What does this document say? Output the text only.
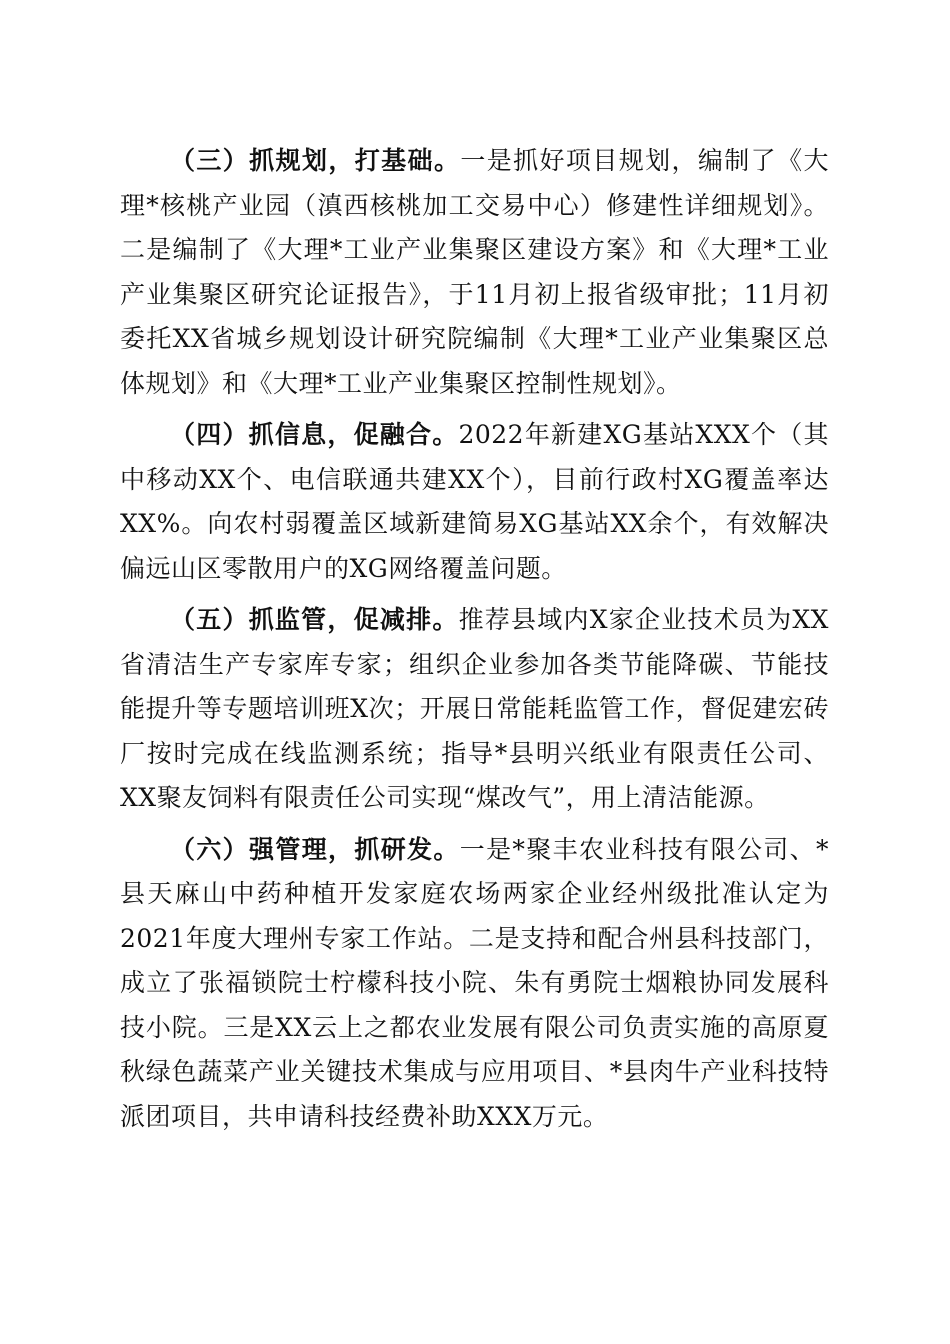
（三）抓规划，打基础。一是抓好项目规划，编制了《大理*核桃产业园（滇西核桃加工交易中心）修建性详细规划》。二是编制了《大理*工业产业集聚区建设方案》和《大理*工业产业集聚区研究论证报告》，于11月初上报省级审批；11月初委托XX省城乡规划设计研究院编制《大理*工业产业集聚区总体规划》和《大理*工业产业集聚区控制性规划》。

（四）抓信息，促融合。2022年新建XG基站XXX个（其中移动XX个、电信联通共建XX个），目前行政村XG覆盖率达XX%。向农村弱覆盖区域新建简易XG基站XX余个，有效解决偏远山区零散用户的XG网络覆盖问题。

（五）抓监管，促减排。推荐县域内X家企业技术员为XX省清洁生产专家库专家；组织企业参加各类节能降碳、节能技能提升等专题培训班X次；开展日常能耗监管工作，督促建宏砖厂按时完成在线监测系统；指导*县明兴纸业有限责任公司、XX聚友饲料有限责任公司实现“煤改气”，用上清洁能源。

（六）强管理，抓研发。一是*聚丰农业科技有限公司、*县天麻山中药种植开发家庭农场两家企业经州级批准认定为2021年度大理州专家工作站。二是支持和配合州县科技部门，成立了张福锁院士柠檬科技小院、朱有勇院士烟粮协同发展科技小院。三是XX云上之都农业发展有限公司负责实施的高原夏秋绿色蔬菜产业关键技术集成与应用项目、*县肉牛产业科技特派团项目，共申请科技经费补助XXX万元。
